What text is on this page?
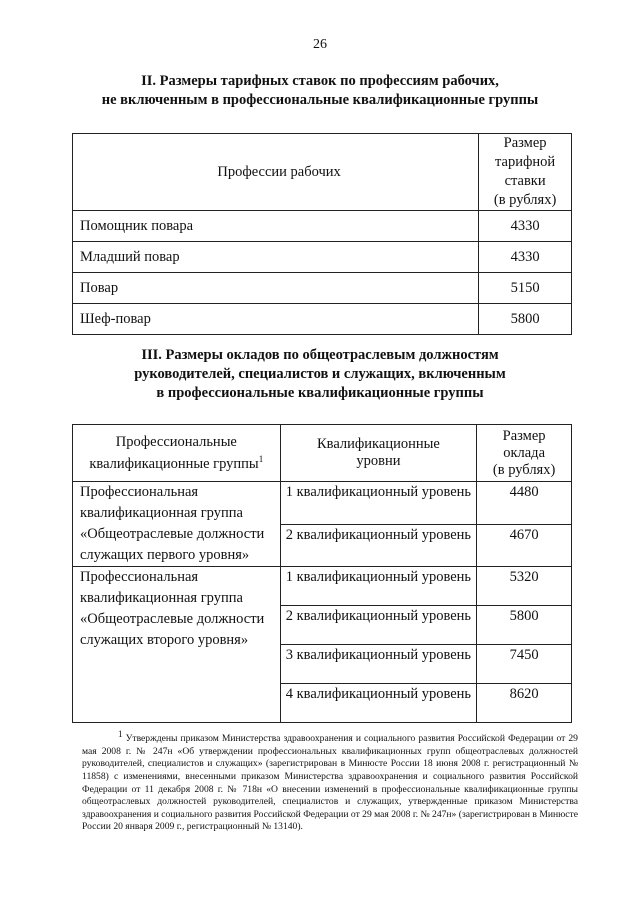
26
II. Размеры тарифных ставок по профессиям рабочих,
не включенным в профессиональные квалификационные группы
Профессии рабочих	Размер
тарифной
ставки
(в рублях)

Помощник повара	4330
Младший повар	4330
Повар	5150
Шеф-повар	5800
III. Размеры окладов по общеотраслевым должностям
руководителей, специалистов и служащих, включенным
в профессиональные квалификационные группы
Профессиональные
квалификационные группы$^1$	Квалификационные
уровни	Размер
оклада
(в рублях)

Профессиональная квалификационная группа «Общеотраслевые должности служащих первого уровня»	1 квалификационный уровень	4480
	2 квалификационный уровень	4670
Профессиональная квалификационная группа «Общеотраслевые должности служащих второго уровня»	1 квалификационный уровень	5320
	2 квалификационный уровень	5800
	3 квалификационный уровень	7450
	4 квалификационный уровень	8620
$^1$ Утверждены приказом Министерства здравоохранения и социального развития Российской Федерации от 29 мая 2008 г. № 247н «Об утверждении профессиональных квалификационных групп общеотраслевых должностей руководителей, специалистов и служащих» (зарегистрирован в Минюсте России 18 июня 2008 г. регистрационный № 11858) с изменениями, внесенными приказом Министерства здравоохранения и социального развития Российской Федерации от 11 декабря 2008 г. № 718н «О внесении изменений в профессиональные квалификационные группы общеотраслевых должностей руководителей, специалистов и служащих, утвержденные приказом Министерства здравоохранения и социального развития Российской Федерации от 29 мая 2008 г. № 247н» (зарегистрирован в Минюсте России 20 января 2009 г., регистрационный № 13140).
